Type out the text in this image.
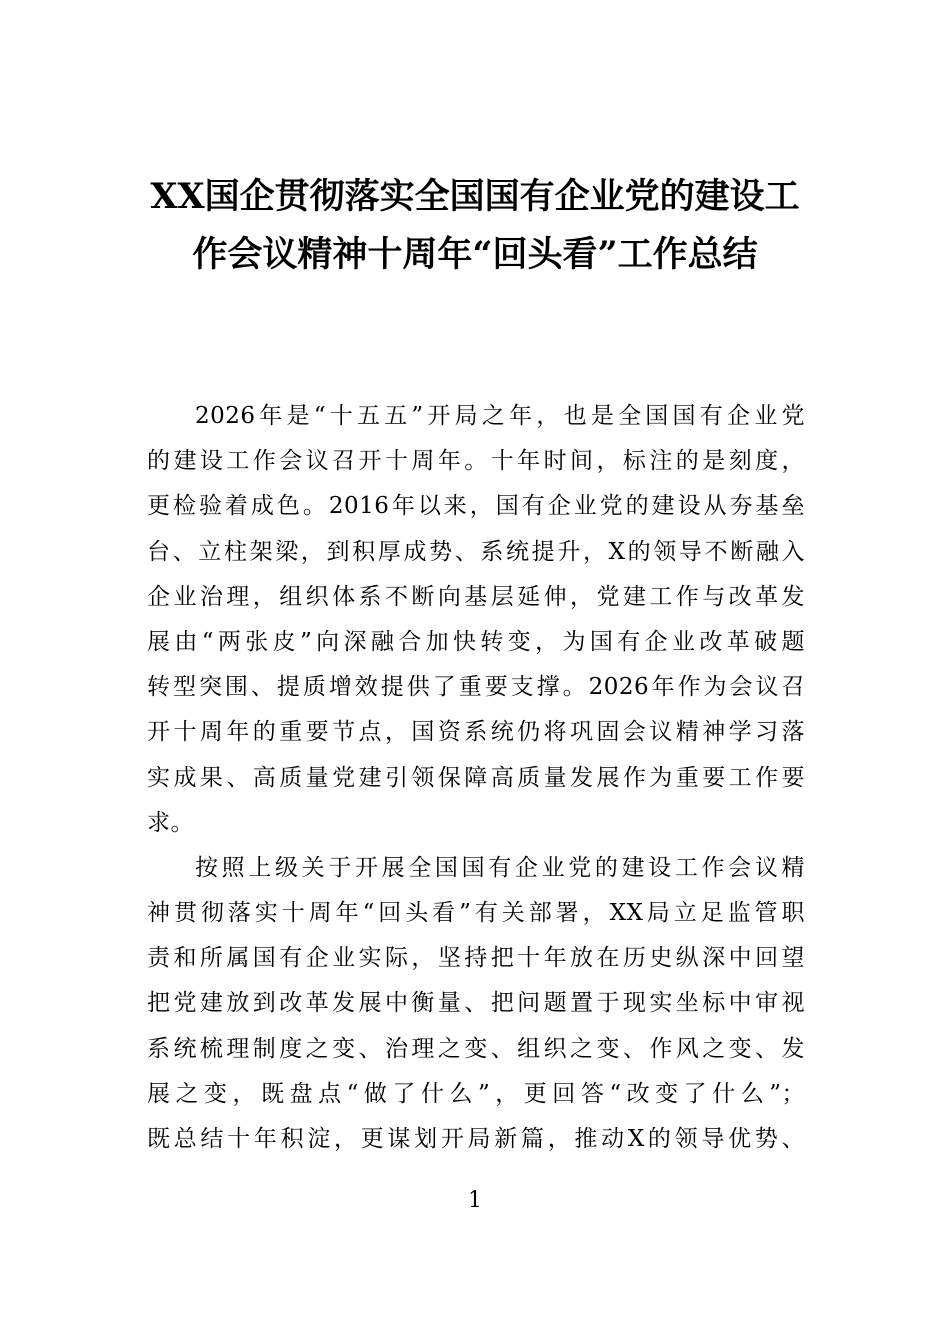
XX国企贯彻落实全国国有企业党的建设工
作会议精神十周年“回头看”工作总结
2026年是“十五五”开局之年，也是全国国有企业党
的建设工作会议召开十周年。十年时间，标注的是刻度，
更检验着成色。2016年以来，国有企业党的建设从夯基垒
台、立柱架梁，到积厚成势、系统提升，X的领导不断融入
企业治理，组织体系不断向基层延伸，党建工作与改革发
展由“两张皮”向深融合加快转变，为国有企业改革破题
转型突围、提质增效提供了重要支撑。2026年作为会议召
开十周年的重要节点，国资系统仍将巩固会议精神学习落
实成果、高质量党建引领保障高质量发展作为重要工作要
求。
按照上级关于开展全国国有企业党的建设工作会议精
神贯彻落实十周年“回头看”有关部署，XX局立足监管职
责和所属国有企业实际，坚持把十年放在历史纵深中回望
把党建放到改革发展中衡量、把问题置于现实坐标中审视
系统梳理制度之变、治理之变、组织之变、作风之变、发
展之变，既盘点“做了什么”，更回答“改变了什么”；
既总结十年积淀，更谋划开局新篇，推动X的领导优势、
1
